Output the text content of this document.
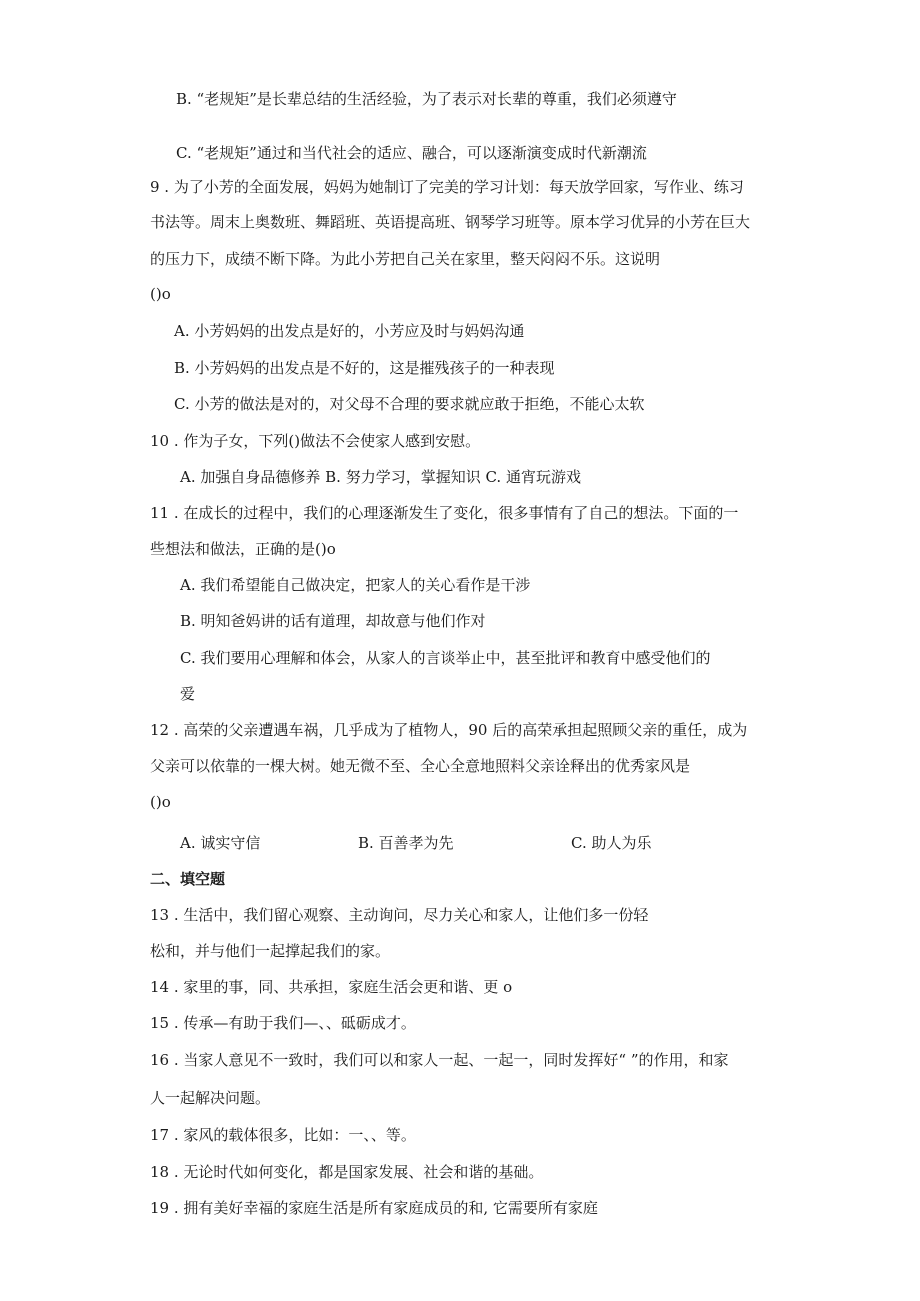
B. “老规矩”是长辈总结的生活经验，为了表示对长辈的尊重，我们必须遵守
C. “老规矩”通过和当代社会的适应、融合，可以逐渐演变成时代新潮流
9 . 为了小芳的全面发展，妈妈为她制订了完美的学习计划：每天放学回家，写作业、练习
书法等。周末上奥数班、舞蹈班、英语提高班、钢琴学习班等。原本学习优异的小芳在巨大
的压力下，成绩不断下降。为此小芳把自己关在家里，整天闷闷不乐。这说明
()o
A. 小芳妈妈的出发点是好的，小芳应及时与妈妈沟通
B. 小芳妈妈的出发点是不好的，这是摧残孩子的一种表现
C. 小芳的做法是对的，对父母不合理的要求就应敢于拒绝，不能心太软
10 . 作为子女，下列()做法不会使家人感到安慰。
A. 加强自身品德修养 B. 努力学习，掌握知识 C. 通宵玩游戏
11 . 在成长的过程中，我们的心理逐渐发生了变化，很多事情有了自己的想法。下面的一
些想法和做法，正确的是()o
A. 我们希望能自己做决定，把家人的关心看作是干涉
B. 明知爸妈讲的话有道理，却故意与他们作对
C. 我们要用心理解和体会，从家人的言谈举止中，甚至批评和教育中感受他们的
爱
12 . 高荣的父亲遭遇车祸，几乎成为了植物人，90 后的高荣承担起照顾父亲的重任，成为
父亲可以依靠的一棵大树。她无微不至、全心全意地照料父亲诠释出的优秀家风是
()o
A. 诚实守信	B. 百善孝为先	C. 助人为乐
二、填空题
13 . 生活中，我们留心观察、主动询问，尽力关心和家人，让他们多一份轻
松和，并与他们一起撑起我们的家。
14 . 家里的事，同、共承担，家庭生活会更和谐、更 o
15 . 传承—有助于我们—、、砥砺成才。
16 . 当家人意见不一致时，我们可以和家人一起、一起一，同时发挥好“ ”的作用，和家
人一起解决问题。
17 . 家风的载体很多，比如：一、、等。
18 . 无论时代如何变化，都是国家发展、社会和谐的基础。
19 . 拥有美好幸福的家庭生活是所有家庭成员的和, 它需要所有家庭
